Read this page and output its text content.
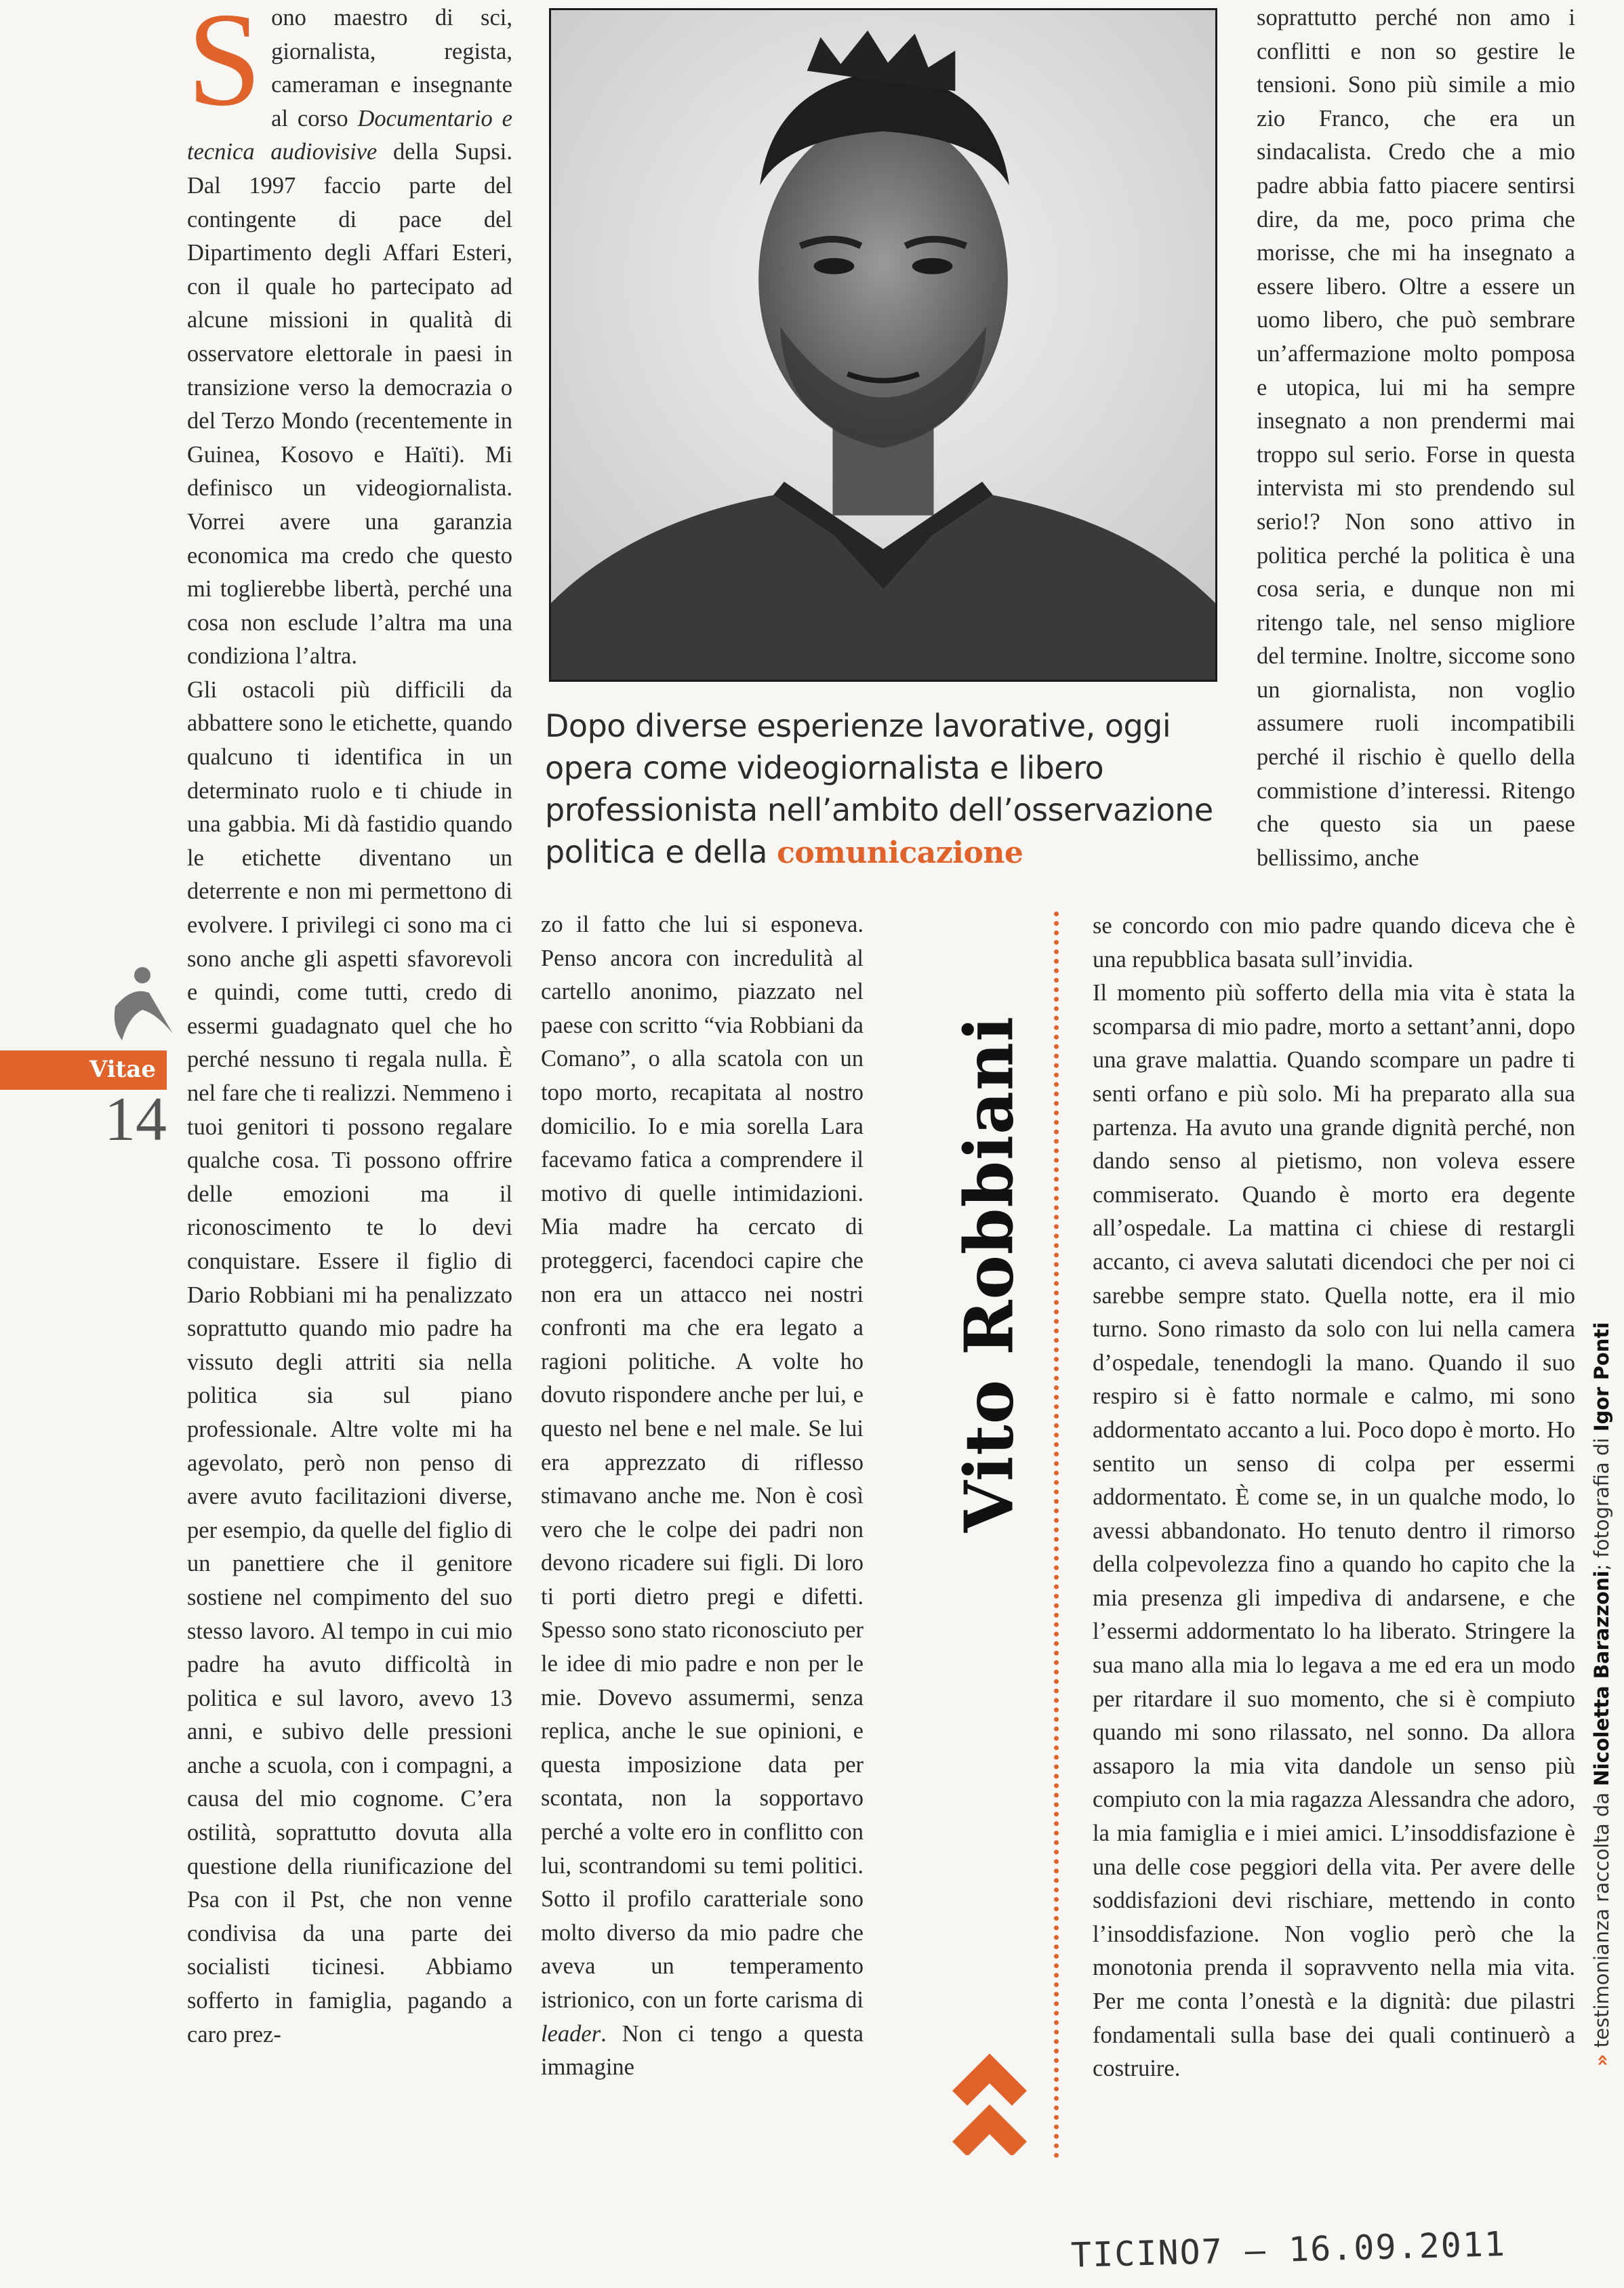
S ono maestro di sci, giornalista, regista, cameraman e insegnante al corso Documentario e tecnica audiovisive della Supsi. Dal 1997 faccio parte del contingente di pace del Dipartimento degli Affari Esteri, con il quale ho partecipato ad alcune missioni in qualità di osservatore elettorale in paesi in transizione verso la democrazia o del Terzo Mondo (recentemente in Guinea, Kosovo e Haïti). Mi definisco un videogiornalista. Vorrei avere una garanzia economica ma credo che questo mi toglierebbe libertà, perché una cosa non esclude l’altra ma una condiziona l’altra.

Gli ostacoli più difficili da abbattere sono le etichette, quando qualcuno ti identifica in un determinato ruolo e ti chiude in una gabbia. Mi dà fastidio quando le etichette diventano un deterrente e non mi permettono di evolvere. I privilegi ci sono ma ci sono anche gli aspetti sfavorevoli e quindi, come tutti, credo di essermi guadagnato quel che ho perché nessuno ti regala nulla. È nel fare che ti realizzi. Nemmeno i tuoi genitori ti possono regalare qualche cosa. Ti possono offrire delle emozioni ma il riconoscimento te lo devi conquistare. Essere il figlio di Dario Robbiani mi ha penalizzato soprattutto quando mio padre ha vissuto degli attriti sia nella politica sia sul piano professionale. Altre volte mi ha agevolato, però non penso di avere avuto facilitazioni diverse, per esempio, da quelle del figlio di un panettiere che il genitore sostiene nel compimento del suo stesso lavoro. Al tempo in cui mio padre ha avuto difficoltà in politica e sul lavoro, avevo 13 anni, e subivo delle pressioni anche a scuola, con i compagni, a causa del mio cognome. C’era ostilità, soprattutto dovuta alla questione della riunificazione del Psa con il Pst, che non venne condivisa da una parte dei socialisti ticinesi. Abbiamo sofferto in famiglia, pagando a caro prez-

Dopo diverse esperienze lavorative, oggi opera come videogiornalista e libero professionista nell’ambito dell’osservazione politica e della comunicazione

zo il fatto che lui si esponeva. Penso ancora con incredulità al cartello anonimo, piazzato nel paese con scritto “via Robbiani da Comano”, o alla scatola con un topo morto, recapitata al nostro domicilio. Io e mia sorella Lara facevamo fatica a comprendere il motivo di quelle intimidazioni. Mia madre ha cercato di proteggerci, facendoci capire che non era un attacco nei nostri confronti ma che era legato a ragioni politiche. A volte ho dovuto rispondere anche per lui, e questo nel bene e nel male. Se lui era apprezzato di riflesso stimavano anche me. Non è così vero che le colpe dei padri non devono ricadere sui figli. Di loro ti porti dietro pregi e difetti. Spesso sono stato riconosciuto per le idee di mio padre e non per le mie. Dovevo assumermi, senza replica, anche le sue opinioni, e questa imposizione data per scontata, non la sopportavo perché a volte ero in conflitto con lui, scontrandomi su temi politici. Sotto il profilo caratteriale sono molto diverso da mio padre che aveva un temperamento istrionico, con un forte carisma di leader. Non ci tengo a questa immagine

Vito Robbiani

soprattutto perché non amo i conflitti e non so gestire le tensioni. Sono più simile a mio zio Franco, che era un sindacalista. Credo che a mio padre abbia fatto piacere sentirsi dire, da me, poco prima che morisse, che mi ha insegnato a essere libero. Oltre a essere un uomo libero, che può sembrare un’affermazione molto pomposa e utopica, lui mi ha sempre insegnato a non prendermi mai troppo sul serio. Forse in questa intervista mi sto prendendo sul serio!? Non sono attivo in politica perché la politica è una cosa seria, e dunque non mi ritengo tale, nel senso migliore del termine. Inoltre, siccome sono un giornalista, non voglio assumere ruoli incompatibili perché il rischio è quello della commistione d’interessi. Ritengo che questo sia un paese bellissimo, anche

se concordo con mio padre quando diceva che è una repubblica basata sull’invidia.

Il momento più sofferto della mia vita è stata la scomparsa di mio padre, morto a settant’anni, dopo una grave malattia. Quando scompare un padre ti senti orfano e più solo. Mi ha preparato alla sua partenza. Ha avuto una grande dignità perché, non dando senso al pietismo, non voleva essere commiserato. Quando è morto era degente all’ospedale. La mattina ci chiese di restargli accanto, ci aveva salutati dicendoci che per noi ci sarebbe sempre stato. Quella notte, era il mio turno. Sono rimasto da solo con lui nella camera d’ospedale, tenendogli la mano. Quando il suo respiro si è fatto normale e calmo, mi sono addormentato accanto a lui. Poco dopo è morto. Ho sentito un senso di colpa per essermi addormentato. È come se, in un qualche modo, lo avessi abbandonato. Ho tenuto dentro il rimorso della colpevolezza fino a quando ho capito che la mia presenza gli impediva di andarsene, e che l’essermi addormentato lo ha liberato. Stringere la sua mano alla mia lo legava a me ed era un modo per ritardare il suo momento, che si è compiuto quando mi sono rilassato, nel sonno. Da allora assaporo la mia vita dandole un senso più compiuto con la mia ragazza Alessandra che adoro, la mia famiglia e i miei amici. L’insoddisfazione è una delle cose peggiori della vita. Per avere delle soddisfazioni devi rischiare, mettendo in conto l’insoddisfazione. Non voglio però che la monotonia prenda il sopravvento nella mia vita. Per me conta l’onestà e la dignità: due pilastri fondamentali sulla base dei quali continuerò a costruire.	» testimonianza raccolta da Nicoletta Barazzoni; fotografia di Igor Ponti
Vitae
14
TICINO7 – 16.09.2011
